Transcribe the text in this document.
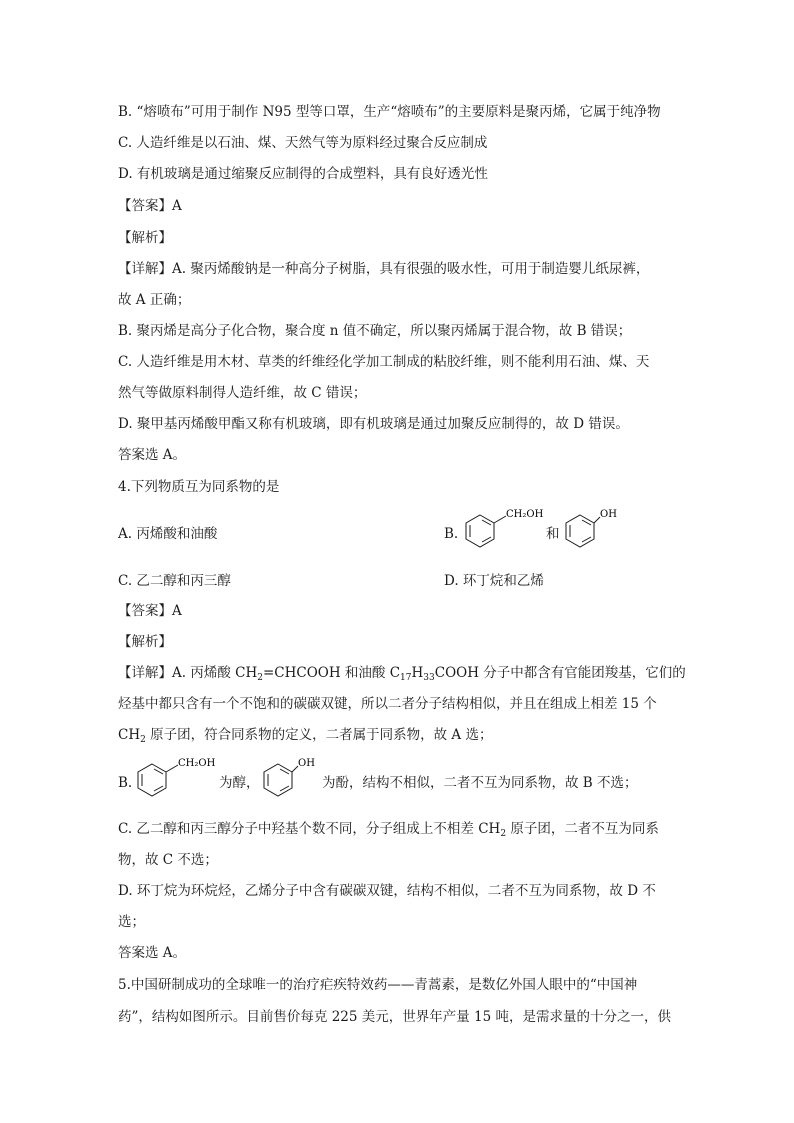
B. “熔喷布”可用于制作 N95 型等口罩，生产“熔喷布”的主要原料是聚丙烯，它属于纯净物
C. 人造纤维是以石油、煤、天然气等为原料经过聚合反应制成
D. 有机玻璃是通过缩聚反应制得的合成塑料，具有良好透光性
【答案】A
【解析】
【详解】A. 聚丙烯酸钠是一种高分子树脂，具有很强的吸水性，可用于制造婴儿纸尿裤，
故 A 正确；
B. 聚丙烯是高分子化合物，聚合度 n 值不确定，所以聚丙烯属于混合物，故 B 错误；
C. 人造纤维是用木材、草类的纤维经化学加工制成的粘胶纤维，则不能利用石油、煤、天
然气等做原料制得人造纤维，故 C 错误；
D. 聚甲基丙烯酸甲酯又称有机玻璃，即有机玻璃是通过加聚反应制得的，故 D 错误。
答案选 A。
4.下列物质互为同系物的是
A. 丙烯酸和油酸	B.
CH₂OH
和
OH
C. 乙二醇和丙三醇	D. 环丁烷和乙烯
【答案】A
【解析】
【详解】A. 丙烯酸 $CH_2=CHCOOH$ 和油酸 $C_{17}H_{33}COOH$ 分子中都含有官能团羧基，它们的
烃基中都只含有一个不饱和的碳碳双键，所以二者分子结构相似，并且在组成上相差 15 个
$CH_2$ 原子团，符合同系物的定义，二者属于同系物，故 A 选；
B.
CH₂OH
为醇，
OH
为酚，结构不相似，二者不互为同系物，故 B 不选；
C. 乙二醇和丙三醇分子中羟基个数不同，分子组成上不相差 $CH_2$ 原子团，二者不互为同系
物，故 C 不选；
D. 环丁烷为环烷烃，乙烯分子中含有碳碳双键，结构不相似，二者不互为同系物，故 D 不
选；
答案选 A。
5.中国研制成功的全球唯一的治疗疟疾特效药——青蒿素，是数亿外国人眼中的“中国神
药”，结构如图所示。目前售价每克 225 美元，世界年产量 15 吨，是需求量的十分之一，供
